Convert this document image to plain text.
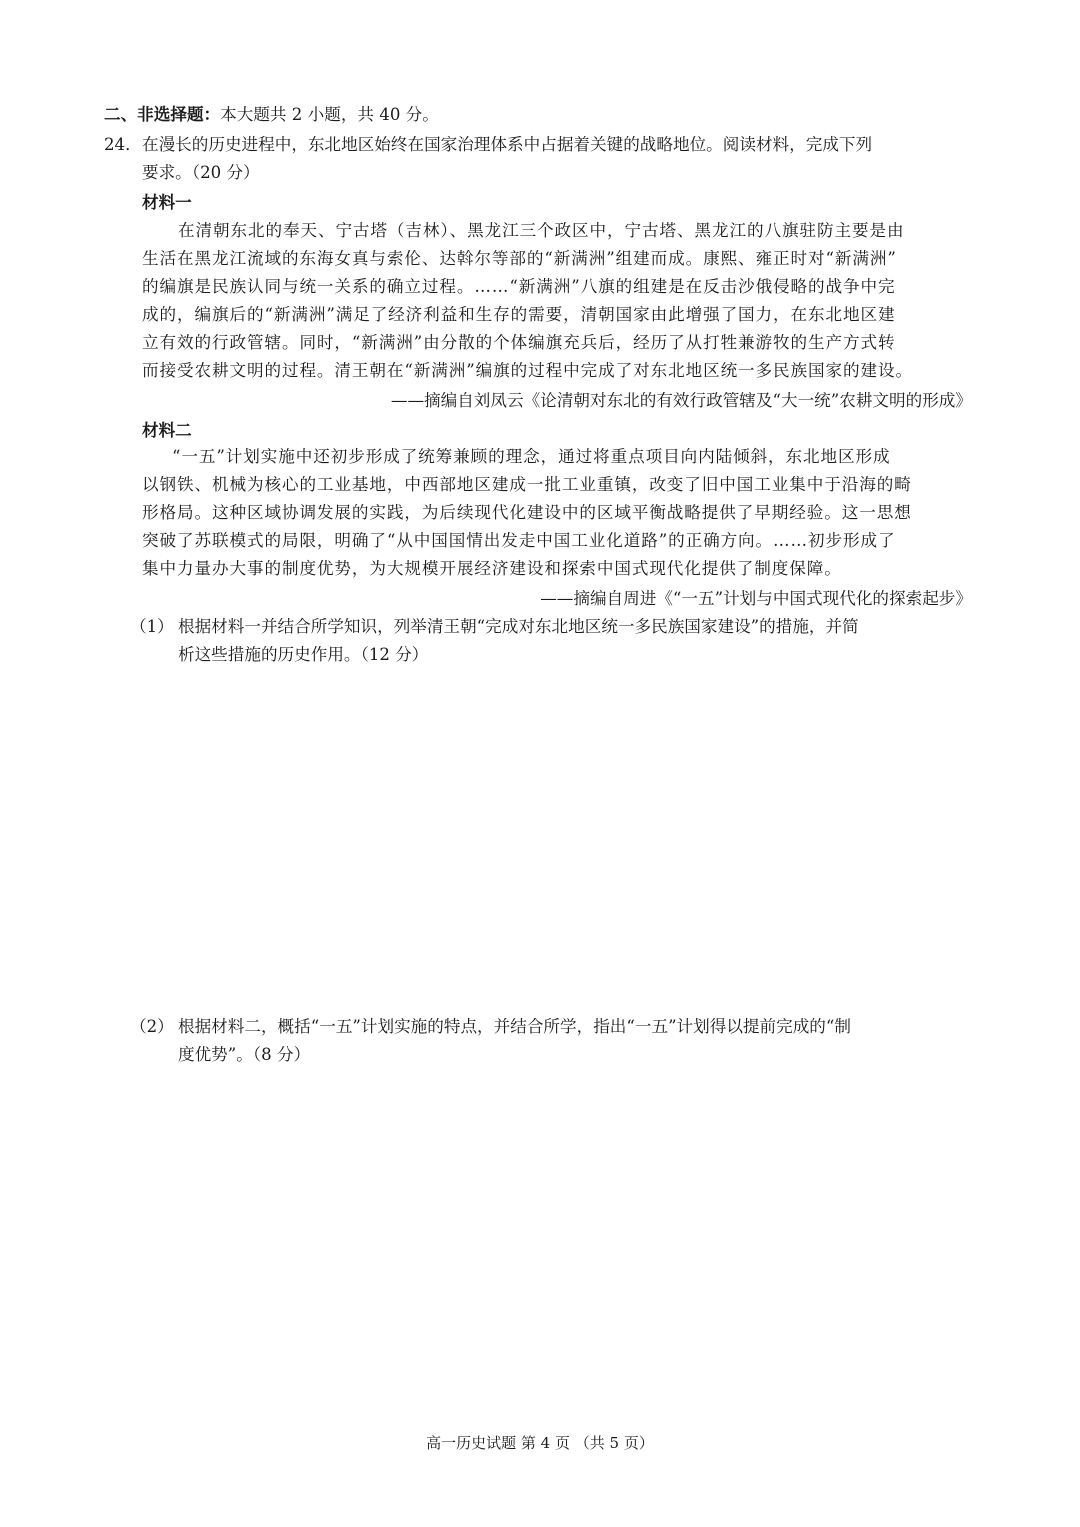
二、非选择题：本大题共 2 小题，共 40 分。
24． 在漫长的历史进程中，东北地区始终在国家治理体系中占据着关键的战略地位。阅读材料，完成下列
要求。（20 分）
材料一
在清朝东北的奉天、宁古塔（吉林）、黑龙江三个政区中，宁古塔、黑龙江的八旗驻防主要是由
生活在黑龙江流域的东海女真与索伦、达斡尔等部的“新满洲”组建而成。康熙、雍正时对“新满洲”
的编旗是民族认同与统一关系的确立过程。……“新满洲”八旗的组建是在反击沙俄侵略的战争中完
成的，编旗后的“新满洲”满足了经济利益和生存的需要，清朝国家由此增强了国力，在东北地区建
立有效的行政管辖。同时，“新满洲”由分散的个体编旗充兵后，经历了从打牲兼游牧的生产方式转
而接受农耕文明的过程。清王朝在“新满洲”编旗的过程中完成了对东北地区统一多民族国家的建设。
——摘编自刘凤云《论清朝对东北的有效行政管辖及“大一统”农耕文明的形成》
材料二
“一五”计划实施中还初步形成了统筹兼顾的理念，通过将重点项目向内陆倾斜，东北地区形成
以钢铁、机械为核心的工业基地，中西部地区建成一批工业重镇，改变了旧中国工业集中于沿海的畸
形格局。这种区域协调发展的实践，为后续现代化建设中的区域平衡战略提供了早期经验。这一思想
突破了苏联模式的局限，明确了“从中国国情出发走中国工业化道路”的正确方向。……初步形成了
集中力量办大事的制度优势，为大规模开展经济建设和探索中国式现代化提供了制度保障。
——摘编自周进《“一五”计划与中国式现代化的探索起步》
（1） 根据材料一并结合所学知识，列举清王朝“完成对东北地区统一多民族国家建设”的措施，并简
析这些措施的历史作用。（12 分）
（2） 根据材料二，概括“一五”计划实施的特点，并结合所学，指出“一五”计划得以提前完成的“制
度优势”。（8 分）
高一历史试题 第 4 页 （共 5 页）
